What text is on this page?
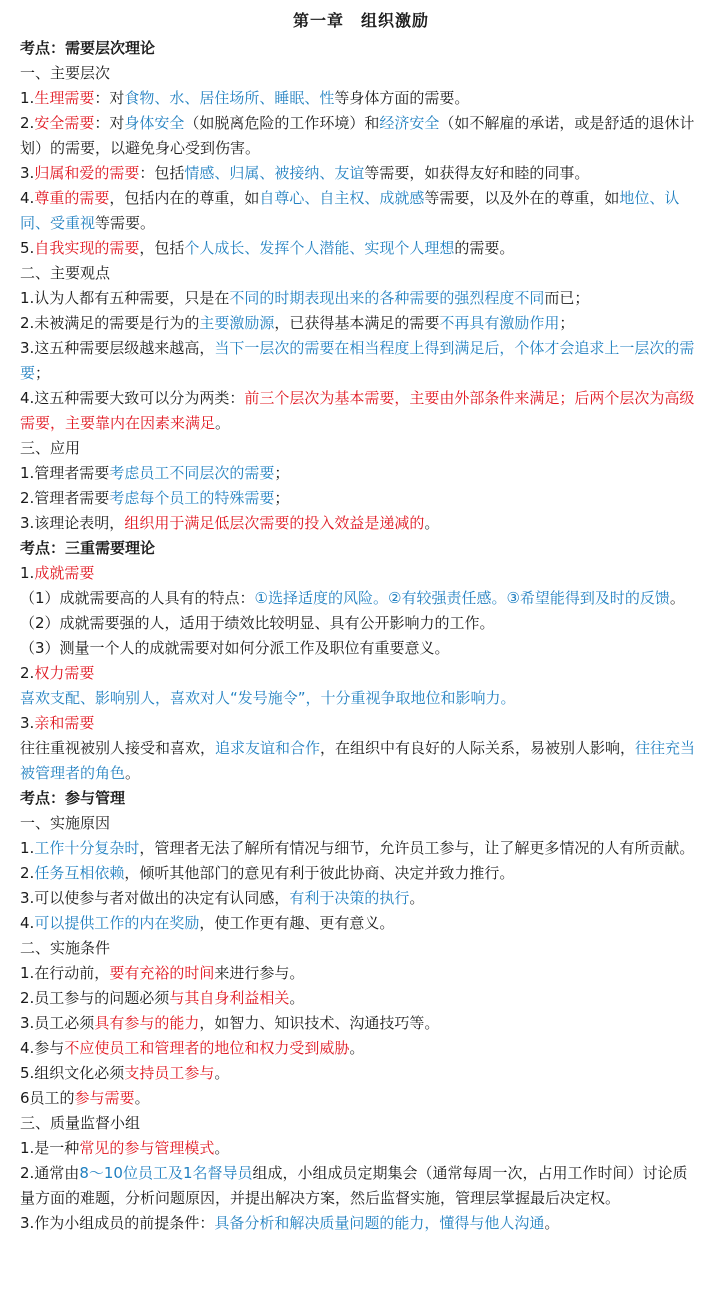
第一章　组织激励
考点：需要层次理论
一、主要层次
1.生理需要：对食物、水、居住场所、睡眠、性等身体方面的需要。
2.安全需要：对身体安全（如脱离危险的工作环境）和经济安全（如不解雇的承诺，或是舒适的退休计划）的需要，以避免身心受到伤害。
3.归属和爱的需要：包括情感、归属、被接纳、友谊等需要，如获得友好和睦的同事。
4.尊重的需要，包括内在的尊重，如自尊心、自主权、成就感等需要，以及外在的尊重，如地位、认同、受重视等需要。
5.自我实现的需要，包括个人成长、发挥个人潜能、实现个人理想的需要。
二、主要观点
1.认为人都有五种需要，只是在不同的时期表现出来的各种需要的强烈程度不同而已；
2.未被满足的需要是行为的主要激励源，已获得基本满足的需要不再具有激励作用；
3.这五种需要层级越来越高，当下一层次的需要在相当程度上得到满足后，个体才会追求上一层次的需要；
4.这五种需要大致可以分为两类：前三个层次为基本需要，主要由外部条件来满足；后两个层次为高级需要，主要靠内在因素来满足。
三、应用
1.管理者需要考虑员工不同层次的需要；
2.管理者需要考虑每个员工的特殊需要；
3.该理论表明，组织用于满足低层次需要的投入效益是递减的。
考点：三重需要理论
1.成就需要
（1）成就需要高的人具有的特点：①选择适度的风险。②有较强责任感。③希望能得到及时的反馈。
（2）成就需要强的人，适用于绩效比较明显、具有公开影响力的工作。
（3）测量一个人的成就需要对如何分派工作及职位有重要意义。
2.权力需要
喜欢支配、影响别人，喜欢对人“发号施令”，十分重视争取地位和影响力。
3.亲和需要
往往重视被别人接受和喜欢，追求友谊和合作，在组织中有良好的人际关系，易被别人影响，往往充当被管理者的角色。
考点：参与管理
一、实施原因
1.工作十分复杂时，管理者无法了解所有情况与细节，允许员工参与，让了解更多情况的人有所贡献。
2.任务互相依赖，倾听其他部门的意见有利于彼此协商、决定并致力推行。
3.可以使参与者对做出的决定有认同感，有利于决策的执行。
4.可以提供工作的内在奖励，使工作更有趣、更有意义。
二、实施条件
1.在行动前，要有充裕的时间来进行参与。
2.员工参与的问题必须与其自身利益相关。
3.员工必须具有参与的能力，如智力、知识技术、沟通技巧等。
4.参与不应使员工和管理者的地位和权力受到威胁。
5.组织文化必须支持员工参与。
6员工的参与需要。
三、质量监督小组
1.是一种常见的参与管理模式。
2.通常由8～10位员工及1名督导员组成，小组成员定期集会（通常每周一次，占用工作时间）讨论质量方面的难题，分析问题原因，并提出解决方案，然后监督实施，管理层掌握最后决定权。
3.作为小组成员的前提条件：具备分析和解决质量问题的能力，懂得与他人沟通。
